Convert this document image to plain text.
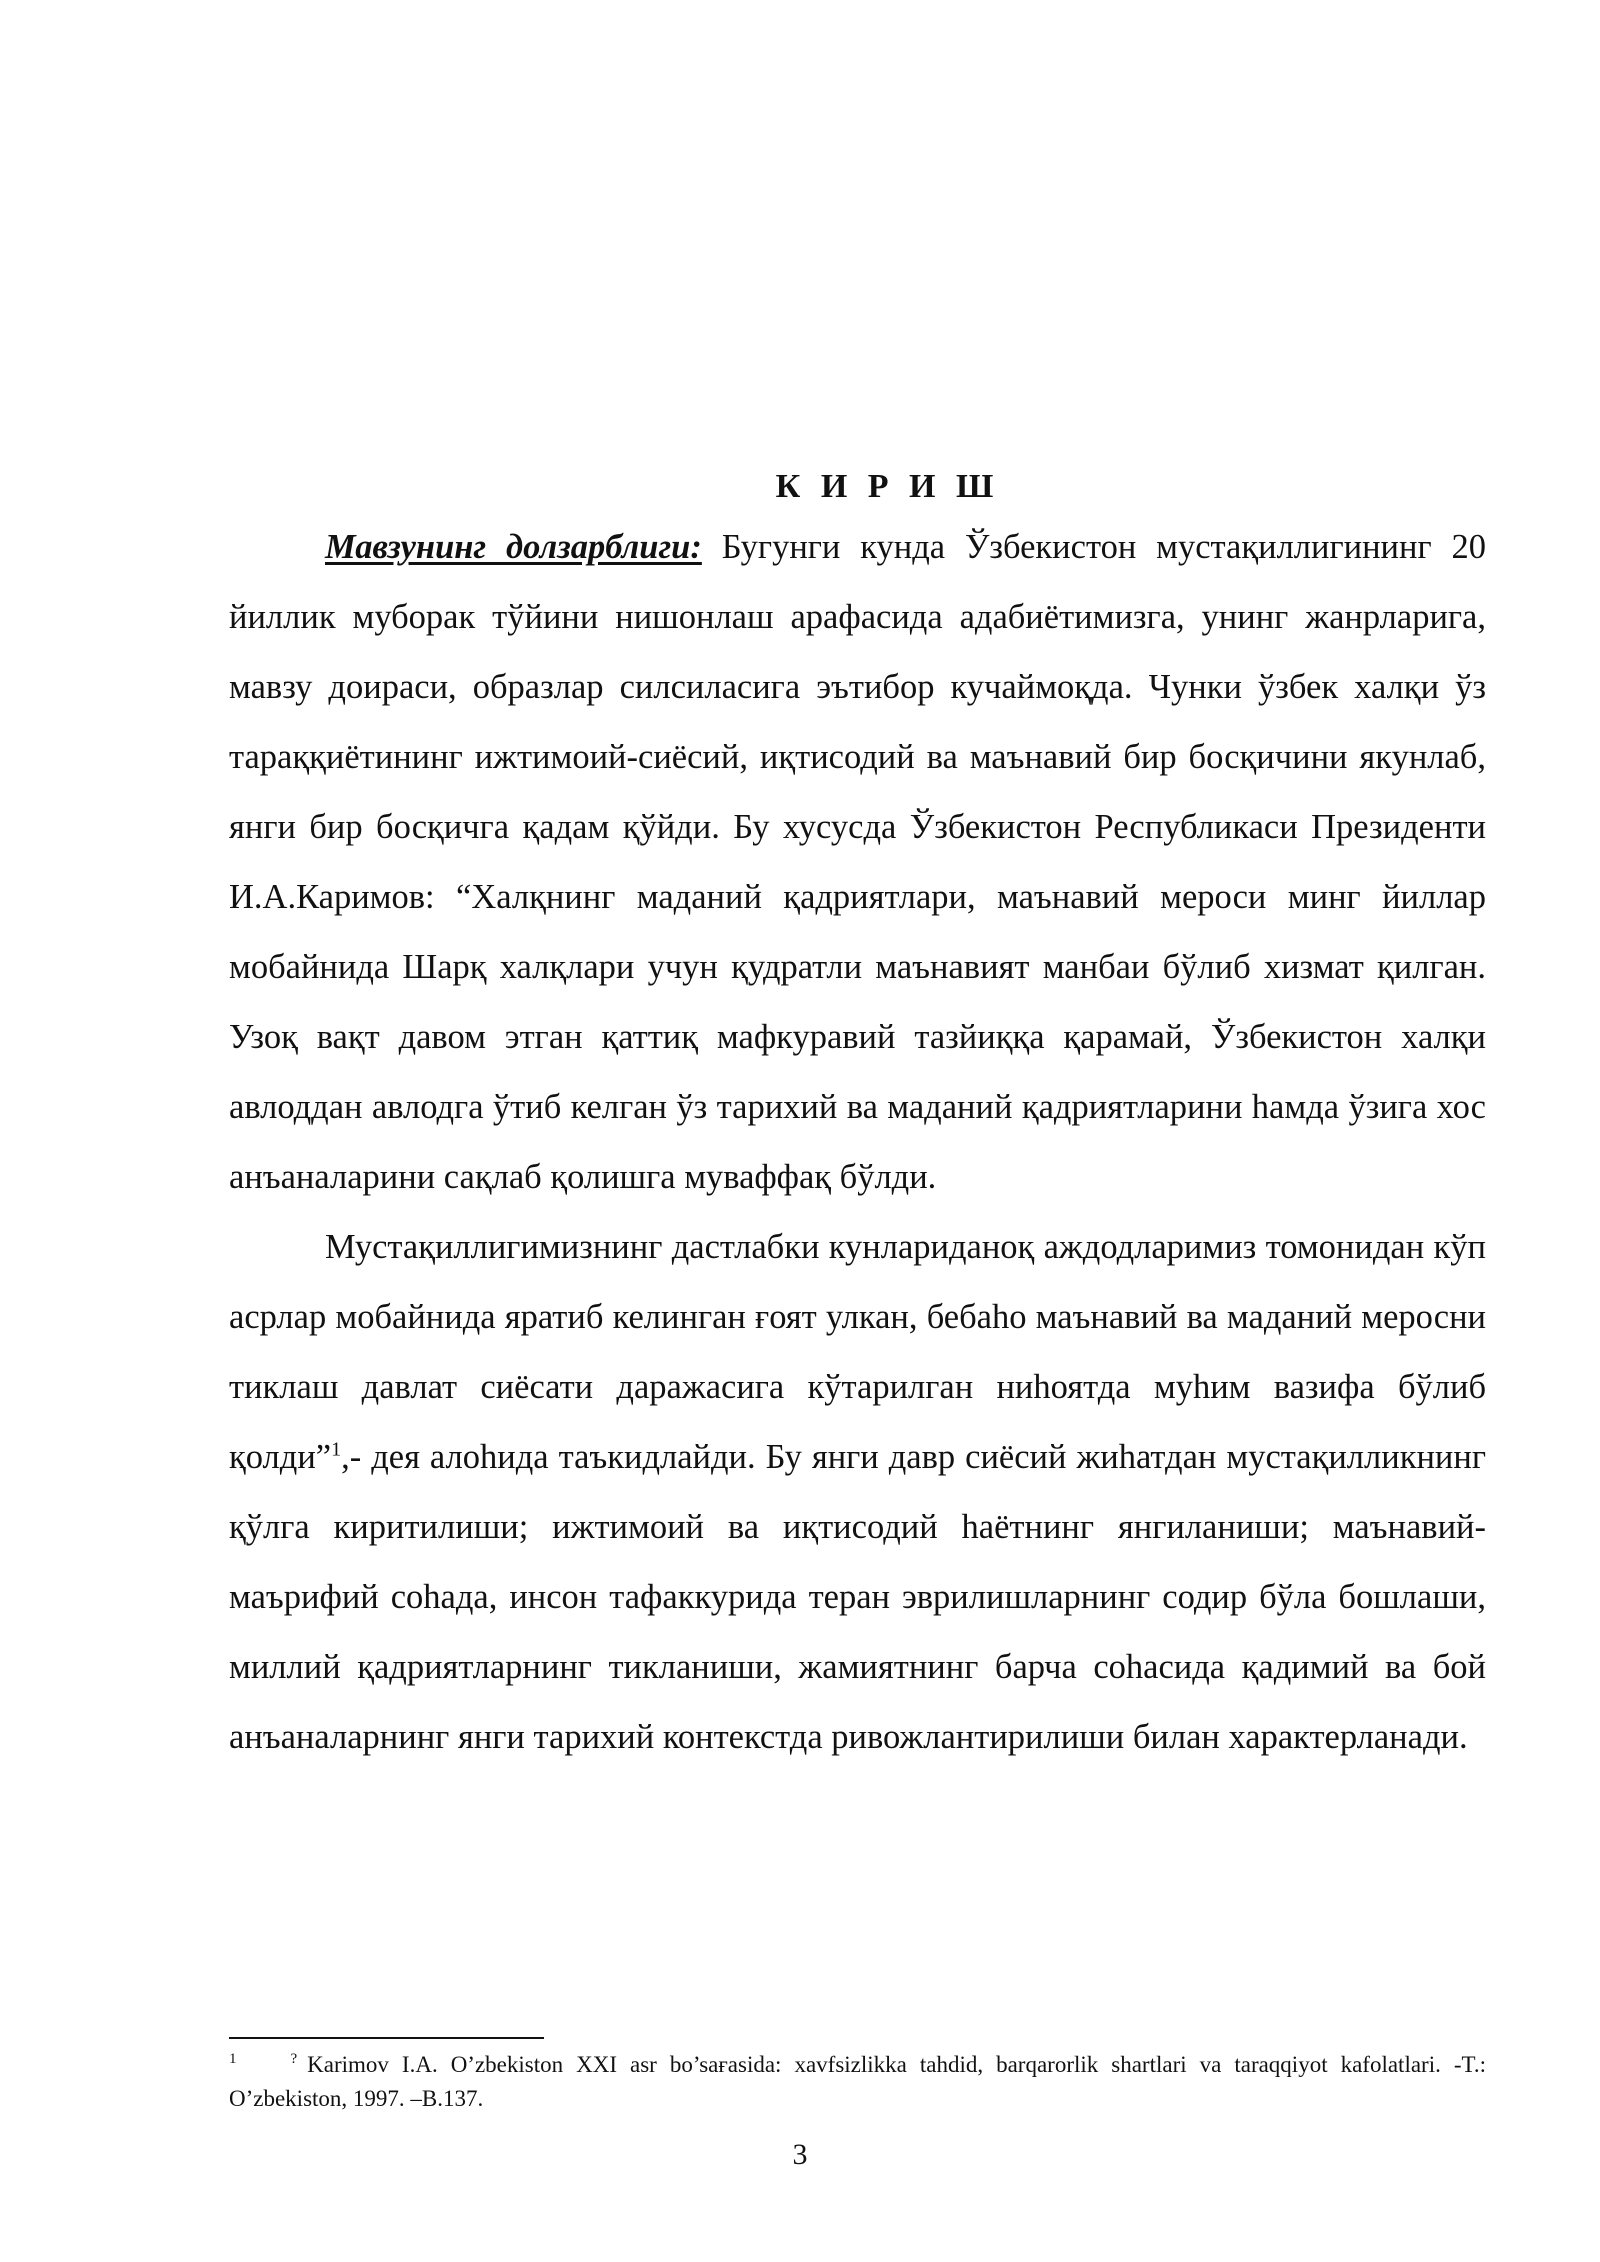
К И Р И Ш

Мавзунинг долзарблиги: Бугунги кунда Ўзбекистон мустақиллигининг 20 йиллик муборак тўйини нишонлаш арафасида адабиётимизга, унинг жанрларига, мавзу доираси, образлар силсиласига эътибор кучаймоқда. Чунки ўзбек халқи ўз тараққиётининг ижтимоий-сиёсий, иқтисодий ва маънавий бир босқичини якунлаб, янги бир босқичга қадам қўйди. Бу хусусда Ўзбекистон Республикаси Президенти И.А.Каримов: “Халқнинг маданий қадриятлари, маънавий мероси минг йиллар мобайнида Шарқ халқлари учун қудратли маънавият манбаи бўлиб хизмат қилган. Узоқ вақт давом этган қаттиқ мафкуравий тазйиққа қарамай, Ўзбекистон халқи авлоддан авлодга ўтиб келган ўз тарихий ва маданий қадриятларини hамда ўзига хос анъаналарини сақлаб қолишга муваффақ бўлди.

Мустақиллигимизнинг дастлабки кунлариданоқ аждодларимиз томонидан кўп асрлар мобайнида яратиб келинган ғоят улкан, бебаho маънавий ва маданий меросни тиклаш давлат сиёсати даражасига кўтарилган ниhоятда муhим вазифа бўлиб қолди”$^1$,- дея алоhида таъкидлайди. Бу янги давр сиёсий жиhатдан мустақилликнинг қўлга киритилиши; ижтимоий ва иқтисодий hаётнинг янгиланиши; маънавий-маърифий соhада, инсон тафаккурида теран эврилишларнинг содир бўла бошлаши, миллий қадриятларнинг тикланиши, жамиятнинг барча соhасида қадимий ва бой анъаналарнинг янги тарихий контекстда ривожлантирилиши билан характерланади.

$^1$	? Karimov I.A. O’zbekiston XXI asr bo’saғasida: xavfsizlikka tahdid, barqarorlik shartlari va taraqqiyot kafolatlari. -T.: O’zbekiston, 1997. –B.137.
3
